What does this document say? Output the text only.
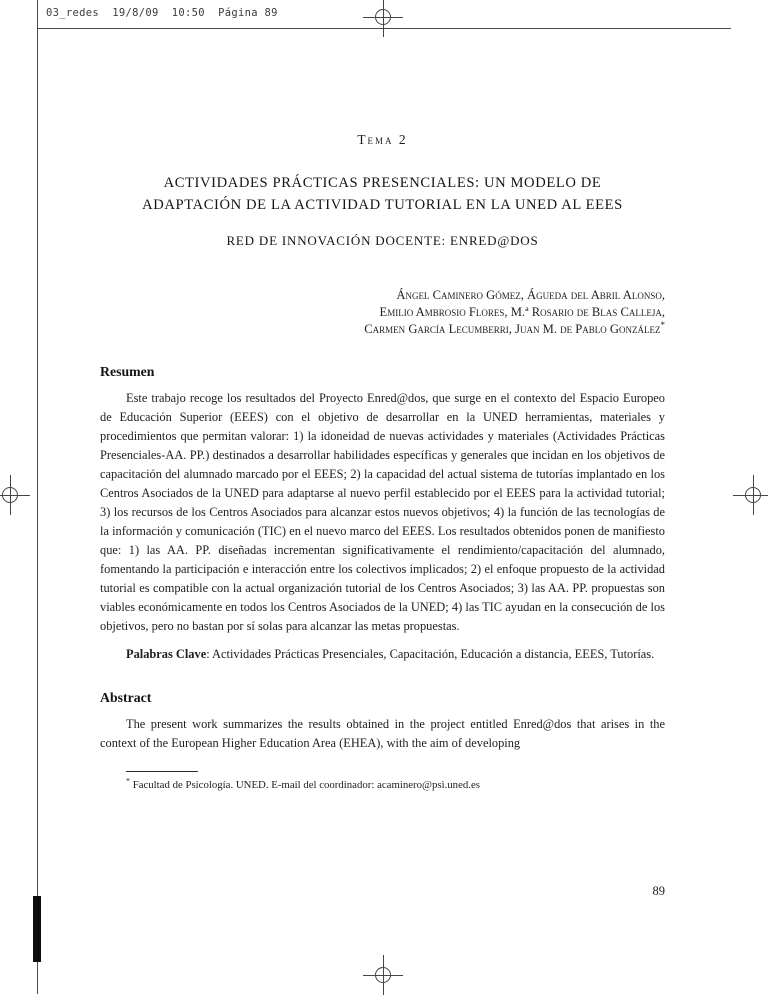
03_redes  19/8/09  10:50  Página 89
Tema 2
ACTIVIDADES PRÁCTICAS PRESENCIALES: UN MODELO DE
ADAPTACIÓN DE LA ACTIVIDAD TUTORIAL EN LA UNED AL EEES
RED DE INNOVACIÓN DOCENTE: ENRED@DOS
Ángel Caminero Gómez, Águeda del Abril Alonso,
Emilio Ambrosio Flores, M.ª Rosario de Blas Calleja,
Carmen García Lecumberri, Juan M. de Pablo González*
Resumen

Este trabajo recoge los resultados del Proyecto Enred@dos, que surge en el contexto del Espacio Europeo de Educación Superior (EEES) con el objetivo de desarrollar en la UNED herramientas, materiales y procedimientos que permitan valorar: 1) la idoneidad de nuevas actividades y materiales (Actividades Prácticas Presenciales-AA. PP.) destinados a desarrollar habilidades específicas y generales que incidan en los objetivos de capacitación del alumnado marcado por el EEES; 2) la capacidad del actual sistema de tutorías implantado en los Centros Asociados de la UNED para adaptarse al nuevo perfil establecido por el EEES para la actividad tutorial; 3) los recursos de los Centros Asociados para alcanzar estos nuevos objetivos; 4) la función de las tecnologías de la información y comunicación (TIC) en el nuevo marco del EEES. Los resultados obtenidos ponen de manifiesto que: 1) las AA. PP. diseñadas incrementan significativamente el rendimiento/capacitación del alumnado, fomentando la participación e interacción entre los colectivos implicados; 2) el enfoque propuesto de la actividad tutorial es compatible con la actual organización tutorial de los Centros Asociados; 3) las AA. PP. propuestas son viables económicamente en todos los Centros Asociados de la UNED; 4) las TIC ayudan en la consecución de los objetivos, pero no bastan por sí solas para alcanzar las metas propuestas.

Palabras Clave: Actividades Prácticas Presenciales, Capacitación, Educación a distancia, EEES, Tutorías.

Abstract

The present work summarizes the results obtained in the project entitled Enred@dos that arises in the context of the European Higher Education Area (EHEA), with the aim of developing

* Facultad de Psicología. UNED. E-mail del coordinador: acaminero@psi.uned.es

89
